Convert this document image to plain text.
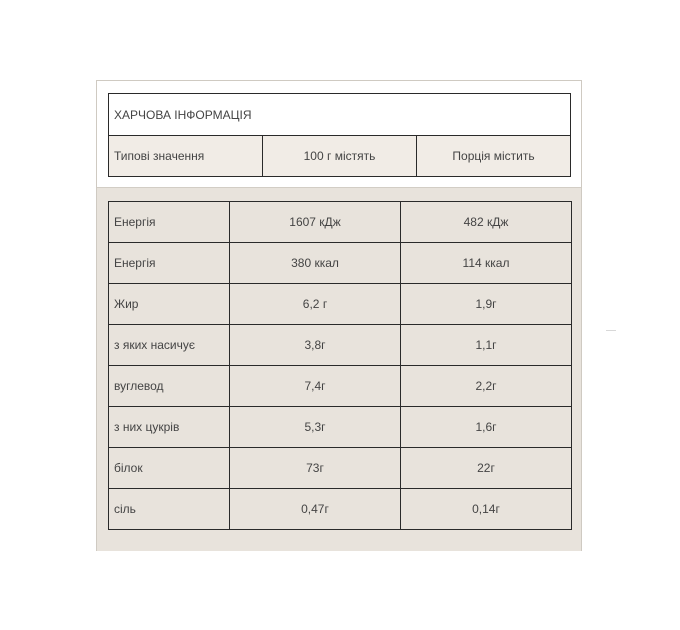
ХАРЧОВА ІНФОРМАЦІЯ
Типові значення	100 г містять	Порція містить
Енергія	1607 кДж	482 кДж
Енергія	380 ккал	114 ккал
Жир	6,2 г	1,9г
з яких насичує	3,8г	1,1г
вуглевод	7,4г	2,2г
з них цукрів	5,3г	1,6г
білок	73г	22г
сіль	0,47г	0,14г
